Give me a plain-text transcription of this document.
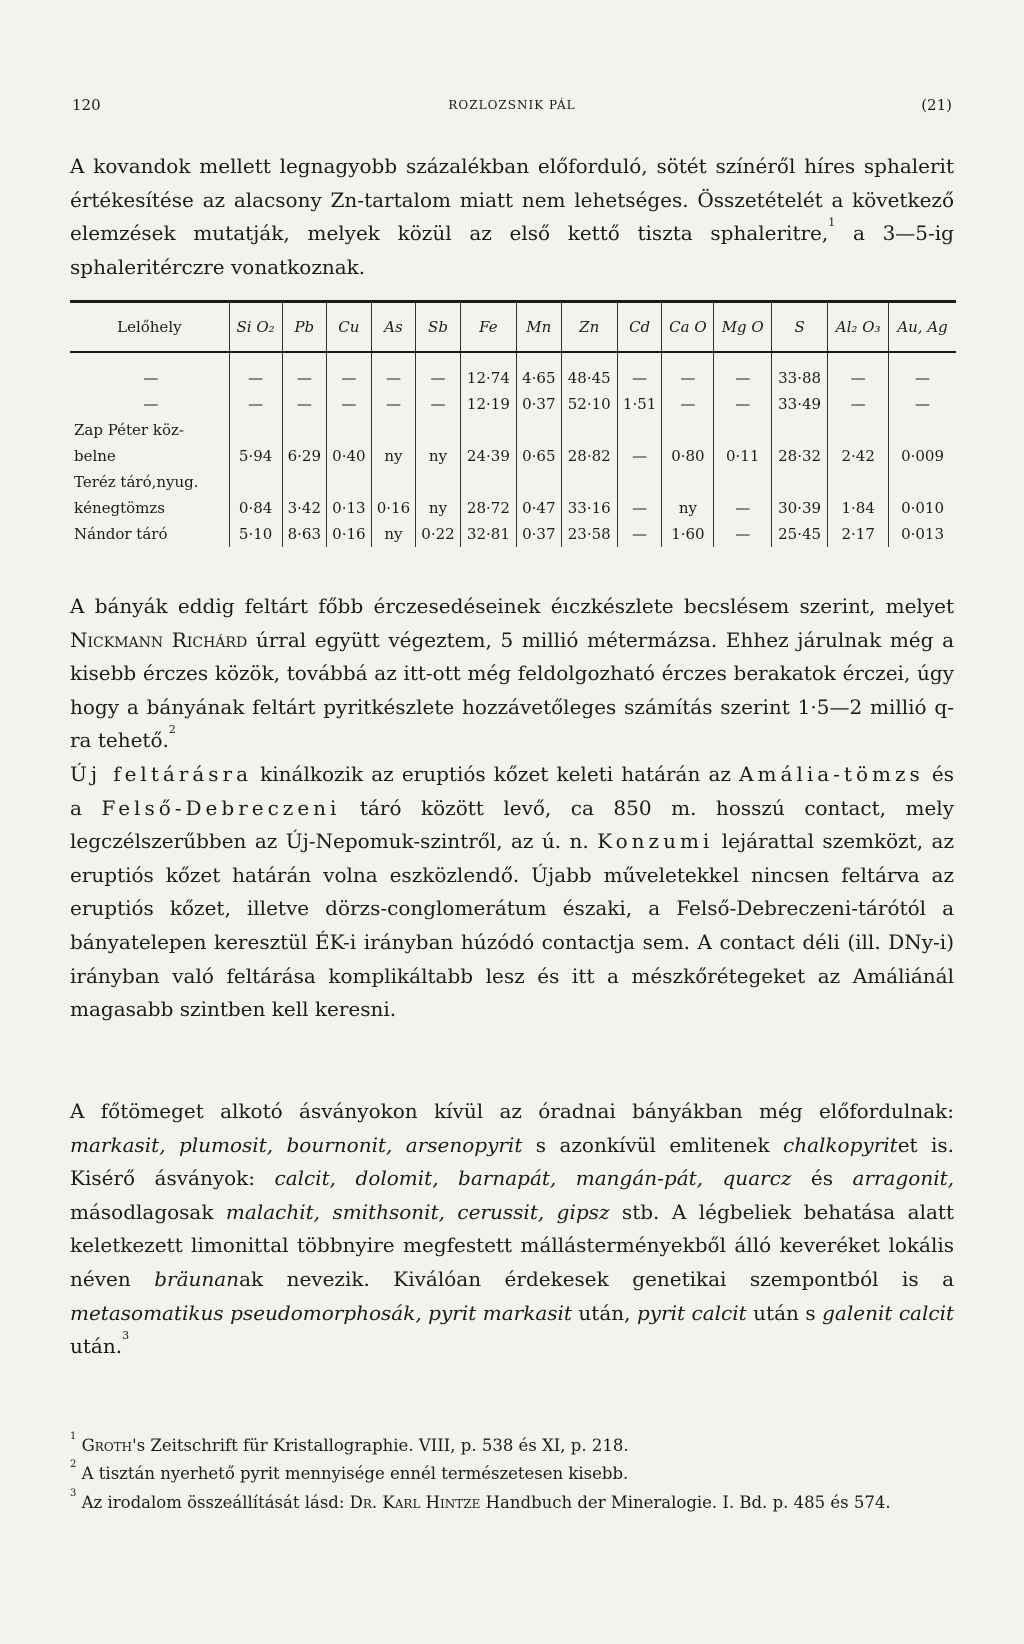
120	ROZLOZSNIK PÁL	(21)

A kovandok mellett legnagyobb százalékban előforduló, sötét színéről híres sphalerit értékesítése az alacsony Zn-tartalom miatt nem lehetséges. Összetételét a következő elemzések mutatják, melyek közül az első kettő tiszta sphaleritre,$^1$ a 3—5-ig sphaleritérczre vonatkoznak.

Lelőhely	Si O₂	Pb	Cu	As	Sb	Fe	Mn	Zn	Cd	Ca O	Mg O	S	Al₂ O₃	Au, Ag

—	—	—	—	—	—	12·74	4·65	48·45	—	—	—	33·88	—	—
—	—	—	—	—	—	12·19	0·37	52·10	1·51	—	—	33·49	—	—
Zap Péter köz-														
belne	5·94	6·29	0·40	ny	ny	24·39	0·65	28·82	—	0·80	0·11	28·32	2·42	0·009
Teréz táró,nyug.														
kénegtömzs	0·84	3·42	0·13	0·16	ny	28·72	0·47	33·16	—	ny	—	30·39	1·84	0·010
Nándor táró	5·10	8·63	0·16	ny	0·22	32·81	0·37	23·58	—	1·60	—	25·45	2·17	0·013

A bányák eddig feltárt főbb érczesedéseinek éıczkészlete becslésem szerint, melyet Nickmann Richárd úrral együtt végeztem, 5 millió métermázsa. Ehhez járulnak még a kisebb érczes közök, továbbá az itt-ott még feldolgozható érczes berakatok érczei, úgy hogy a bányának feltárt pyritkészlete hozzávetőleges számítás szerint 1·5—2 millió q-ra tehető.$^2$
Új feltárásra kinálkozik az eruptiós kőzet keleti határán az Amália-tömzs és a Felső-Debreczeni táró között levő, ca 850 m. hosszú contact, mely legczélszerűbben az Új-Nepomuk-szintről, az ú. n. Konzumi lejárattal szemközt, az eruptiós kőzet határán volna eszközlendő. Újabb műveletekkel nincsen feltárva az eruptiós kőzet, illetve dörzs-conglomerátum északi, a Felső-Debreczeni-tárótól a bányatelepen keresztül ÉK-i irányban húzódó contactja sem. A contact déli (ill. DNy-i) irányban való feltárása komplikáltabb lesz és itt a mészkőrétegeket az Amáliánál magasabb szintben kell keresni.

A főtömeget alkotó ásványokon kívül az óradnai bányákban még előfordulnak: markasit, plumosit, bournonit, arsenopyrit s azonkívül emlitenek chalkopyritet is. Kisérő ásványok: calcit, dolomit, barnapát, mangán-pát, quarcz és arragonit, másodlagosak malachit, smithsonit, cerussit, gipsz stb. A légbeliek behatása alatt keletkezett limonittal többnyire megfestett mállásterményekből álló keveréket lokális néven bräunanak nevezik. Kiválóan érdekesek genetikai szempontból is a metasomatikus pseudomorphosák, pyrit markasit után, pyrit calcit után s galenit calcit után.$^3$

$^1$ Groth's Zeitschrift für Kristallographie. VIII, p. 538 és XI, p. 218.

$^2$ A tisztán nyerhető pyrit mennyisége ennél természetesen kisebb.

$^3$ Az irodalom összeállítását lásd: Dr. Karl Hintze Handbuch der Mineralogie. I. Bd. p. 485 és 574.
